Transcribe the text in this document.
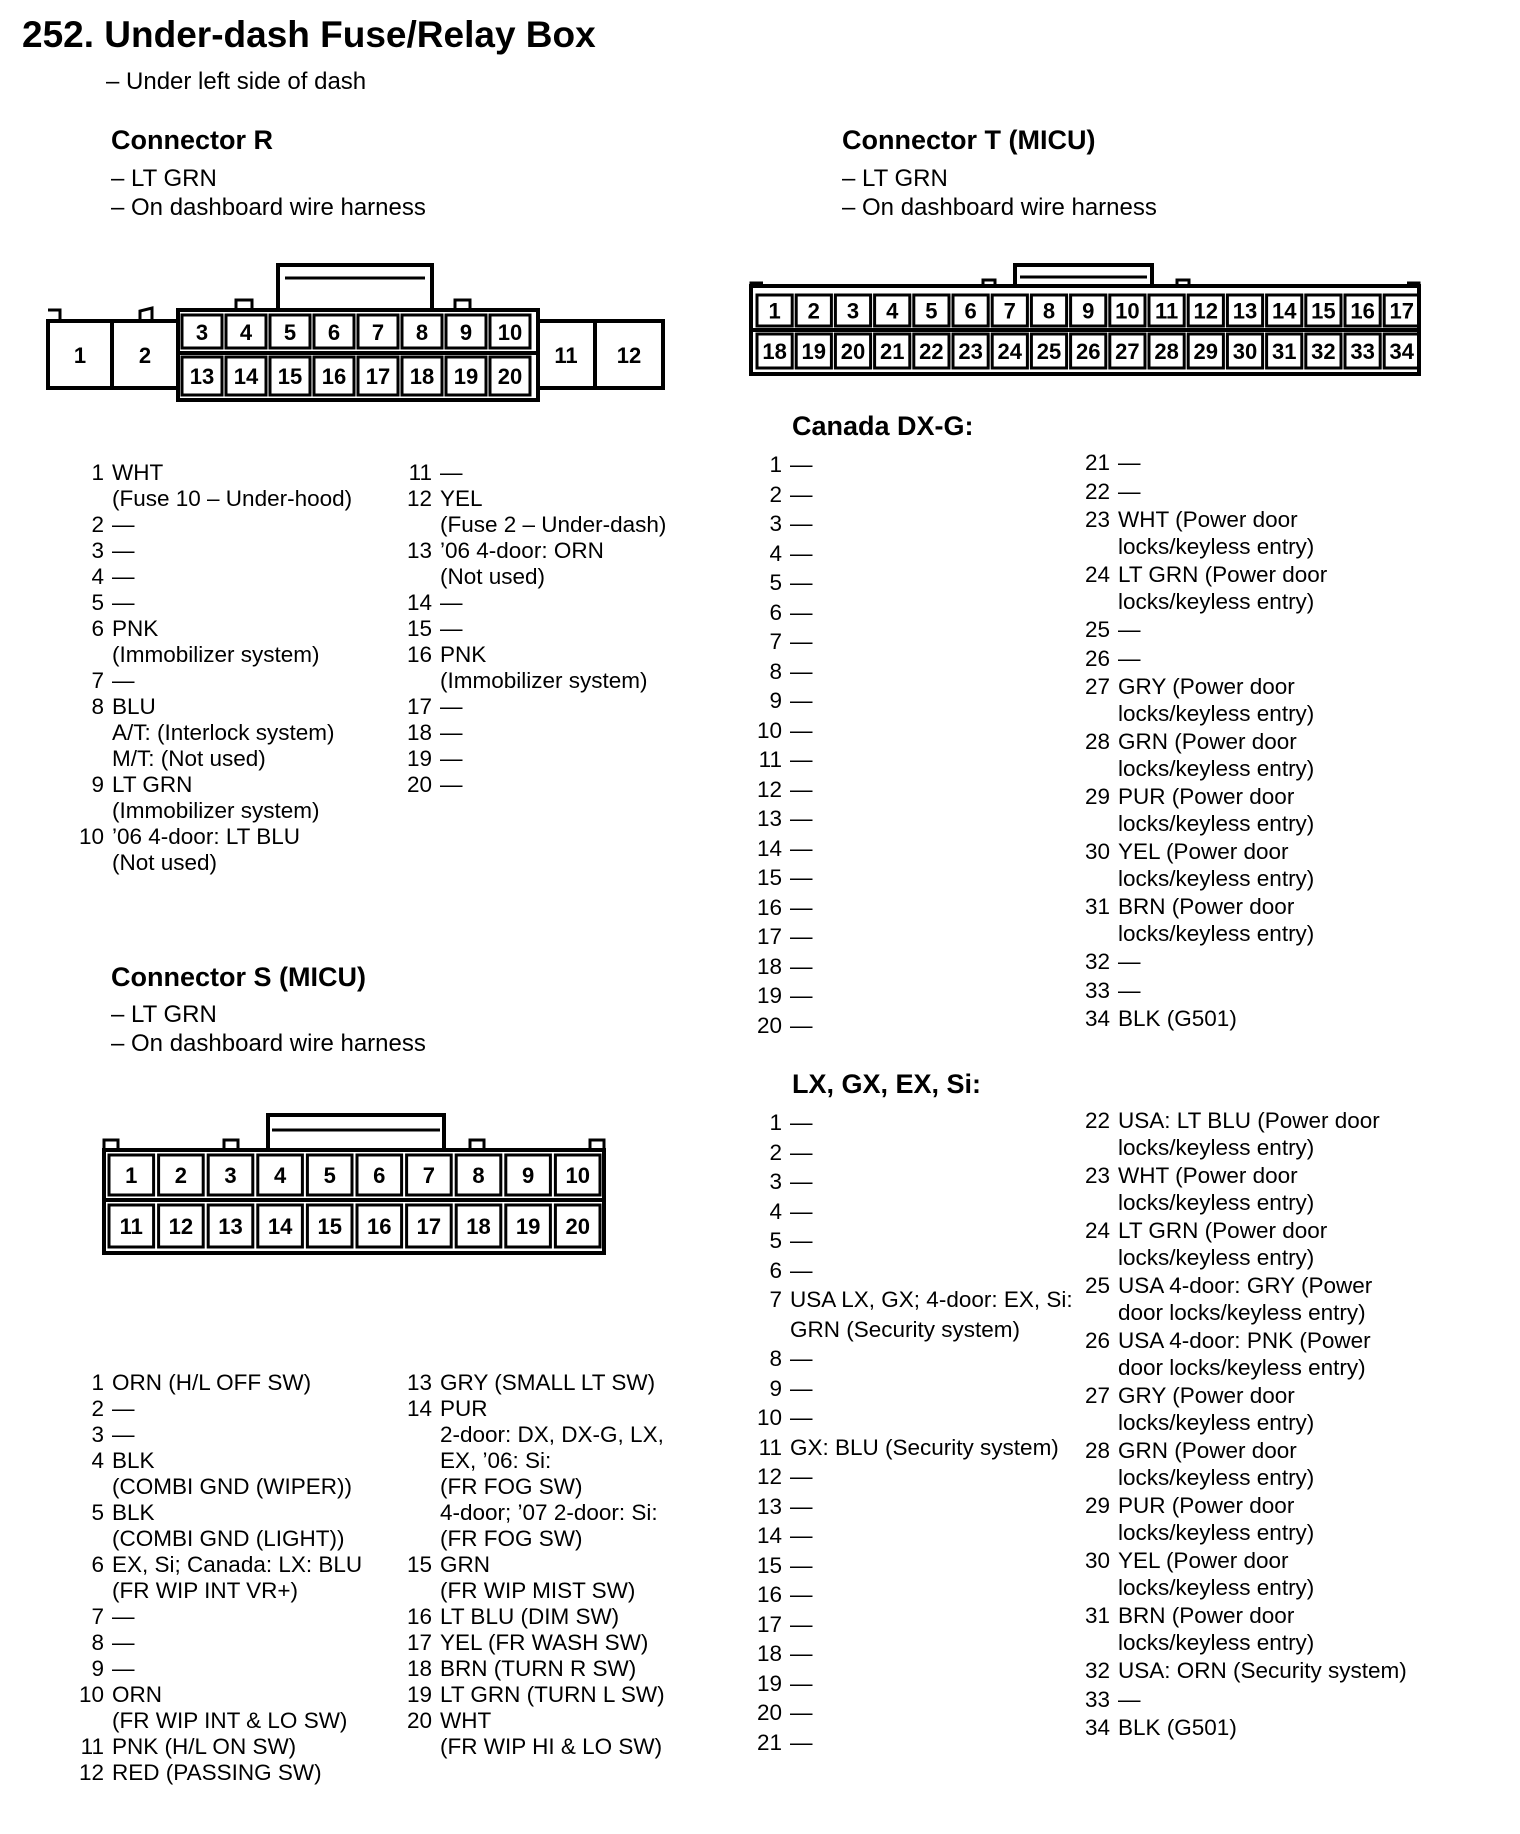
252. Under-dash Fuse/Relay Box
– Under left side of dash
Connector R
– LT GRN
– On dashboard wire harness
Connector T (MICU)
– LT GRN
– On dashboard wire harness
1 2	11 12
3
13
4
14
5
15
6
16
7
17
8
18
9
19
10
20
1
18
2
19
3
20
4
21
5
22
6
23
7
24
8
25
9
26
10
27
11
28
12
29
13
30
14
31
15
32
16
33
17
34
1
11
2
12
3
13
4
14
5
15
6
16
7
17
8
18
9
19
10
20
1 WHT
(Fuse 10 – Under-hood)
2 —
3 —
4 —
5 —
6 PNK
(Immobilizer system)
7 —
8 BLU
A/T: (Interlock system)
M/T: (Not used)
9 LT GRN
(Immobilizer system)
10 ’06 4-door: LT BLU
(Not used)
11 —
12 YEL
(Fuse 2 – Under-dash)
13 ’06 4-door: ORN
(Not used)
14 —
15 —
16 PNK
(Immobilizer system)
17 —
18 —
19 —
20 —
Connector S (MICU)
– LT GRN
– On dashboard wire harness
1 ORN (H/L OFF SW)
2 —
3 —
4 BLK
(COMBI GND (WIPER))
5 BLK
(COMBI GND (LIGHT))
6 EX, Si; Canada: LX: BLU
(FR WIP INT VR+)
7 —
8 —
9 —
10 ORN
(FR WIP INT & LO SW)
11 PNK (H/L ON SW)
12 RED (PASSING SW)
13 GRY (SMALL LT SW)
14 PUR
2-door: DX, DX-G, LX,
EX, ’06: Si:
(FR FOG SW)
4-door; ’07 2-door: Si:
(FR FOG SW)
15 GRN
(FR WIP MIST SW)
16 LT BLU (DIM SW)
17 YEL (FR WASH SW)
18 BRN (TURN R SW)
19 LT GRN (TURN L SW)
20 WHT
(FR WIP HI & LO SW)
Canada DX-G:
1 —
2 —
3 —
4 —
5 —
6 —
7 —
8 —
9 —
10 —
11 —
12 —
13 —
14 —
15 —
16 —
17 —
18 —
19 —
20 —
21 —
22 —
23 WHT (Power door
locks/keyless entry)
24 LT GRN (Power door
locks/keyless entry)
25 —
26 —
27 GRY (Power door
locks/keyless entry)
28 GRN (Power door
locks/keyless entry)
29 PUR (Power door
locks/keyless entry)
30 YEL (Power door
locks/keyless entry)
31 BRN (Power door
locks/keyless entry)
32 —
33 —
34 BLK (G501)
LX, GX, EX, Si:
1 —
2 —
3 —
4 —
5 —
6 —
7 USA LX, GX; 4-door: EX, Si:
GRN (Security system)
8 —
9 —
10 —
11 GX: BLU (Security system)
12 —
13 —
14 —
15 —
16 —
17 —
18 —
19 —
20 —
21 —
22 USA: LT BLU (Power door
locks/keyless entry)
23 WHT (Power door
locks/keyless entry)
24 LT GRN (Power door
locks/keyless entry)
25 USA 4-door: GRY (Power
door locks/keyless entry)
26 USA 4-door: PNK (Power
door locks/keyless entry)
27 GRY (Power door
locks/keyless entry)
28 GRN (Power door
locks/keyless entry)
29 PUR (Power door
locks/keyless entry)
30 YEL (Power door
locks/keyless entry)
31 BRN (Power door
locks/keyless entry)
32 USA: ORN (Security system)
33 —
34 BLK (G501)
